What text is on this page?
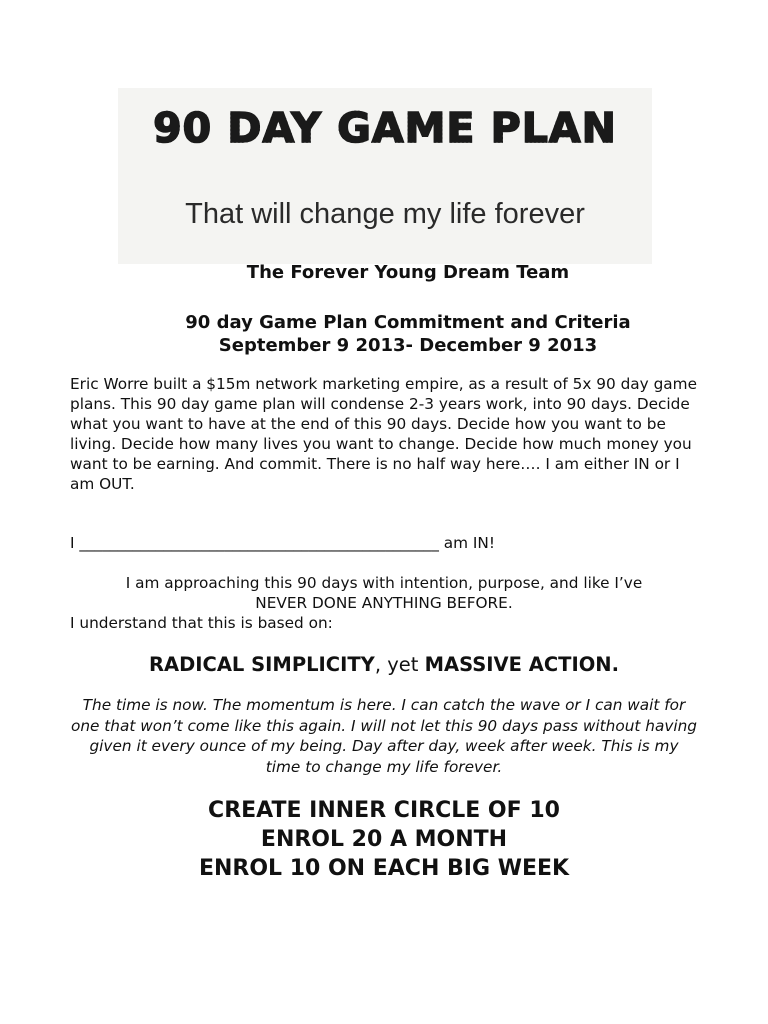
90 DAY GAME PLAN
That will change my life forever
The Forever Young Dream Team
90 day Game Plan Commitment and Criteria
September 9 2013- December 9 2013
Eric Worre built a $15m network marketing empire, as a result of 5x 90 day game plans. This 90 day game plan will condense 2-3 years work, into 90 days. Decide what you want to have at the end of this 90 days. Decide how you want to be living. Decide how many lives you want to change. Decide how much money you want to be earning. And commit. There is no half way here…. I am either IN or I am OUT.
I _______________________________________________ am IN!
I am approaching this 90 days with intention, purpose, and like I’ve
NEVER DONE ANYTHING BEFORE.
I understand that this is based on:
RADICAL SIMPLICITY, yet MASSIVE ACTION.
The time is now. The momentum is here. I can catch the wave or I can wait for one that won’t come like this again. I will not let this 90 days pass without having given it every ounce of my being. Day after day, week after week. This is my time to change my life forever.
CREATE INNER CIRCLE OF 10
ENROL 20 A MONTH
ENROL 10 ON EACH BIG WEEK
